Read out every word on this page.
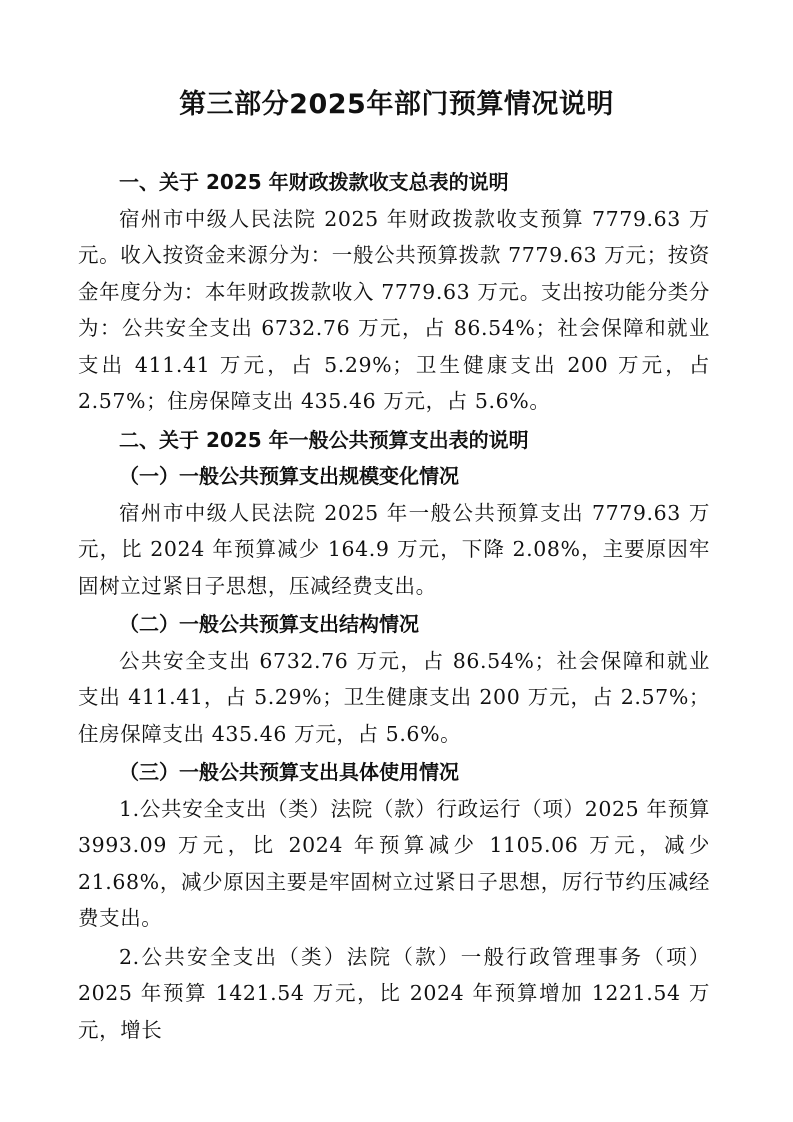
第三部分2025年部门预算情况说明

一、关于 2025 年财政拨款收支总表的说明

宿州市中级人民法院 2025 年财政拨款收支预算 7779.63 万元。收入按资金来源分为：一般公共预算拨款 7779.63 万元；按资金年度分为：本年财政拨款收入 7779.63 万元。支出按功能分类分为：公共安全支出 6732.76 万元，占 86.54%；社会保障和就业支出 411.41 万元，占 5.29%；卫生健康支出 200 万元，占 2.57%；住房保障支出 435.46 万元，占 5.6%。

二、关于 2025 年一般公共预算支出表的说明

（一）一般公共预算支出规模变化情况

宿州市中级人民法院 2025 年一般公共预算支出 7779.63 万元，比 2024 年预算减少 164.9 万元，下降 2.08%，主要原因牢固树立过紧日子思想，压减经费支出。

（二）一般公共预算支出结构情况

公共安全支出 6732.76 万元，占 86.54%；社会保障和就业支出 411.41，占 5.29%；卫生健康支出 200 万元，占 2.57%；住房保障支出 435.46 万元，占 5.6%。

（三）一般公共预算支出具体使用情况

1.公共安全支出（类）法院（款）行政运行（项）2025 年预算 3993.09 万元，比 2024 年预算减少 1105.06 万元，减少 21.68%，减少原因主要是牢固树立过紧日子思想，厉行节约压减经费支出。

2.公共安全支出（类）法院（款）一般行政管理事务（项）2025 年预算 1421.54 万元，比 2024 年预算增加 1221.54 万元，增长
